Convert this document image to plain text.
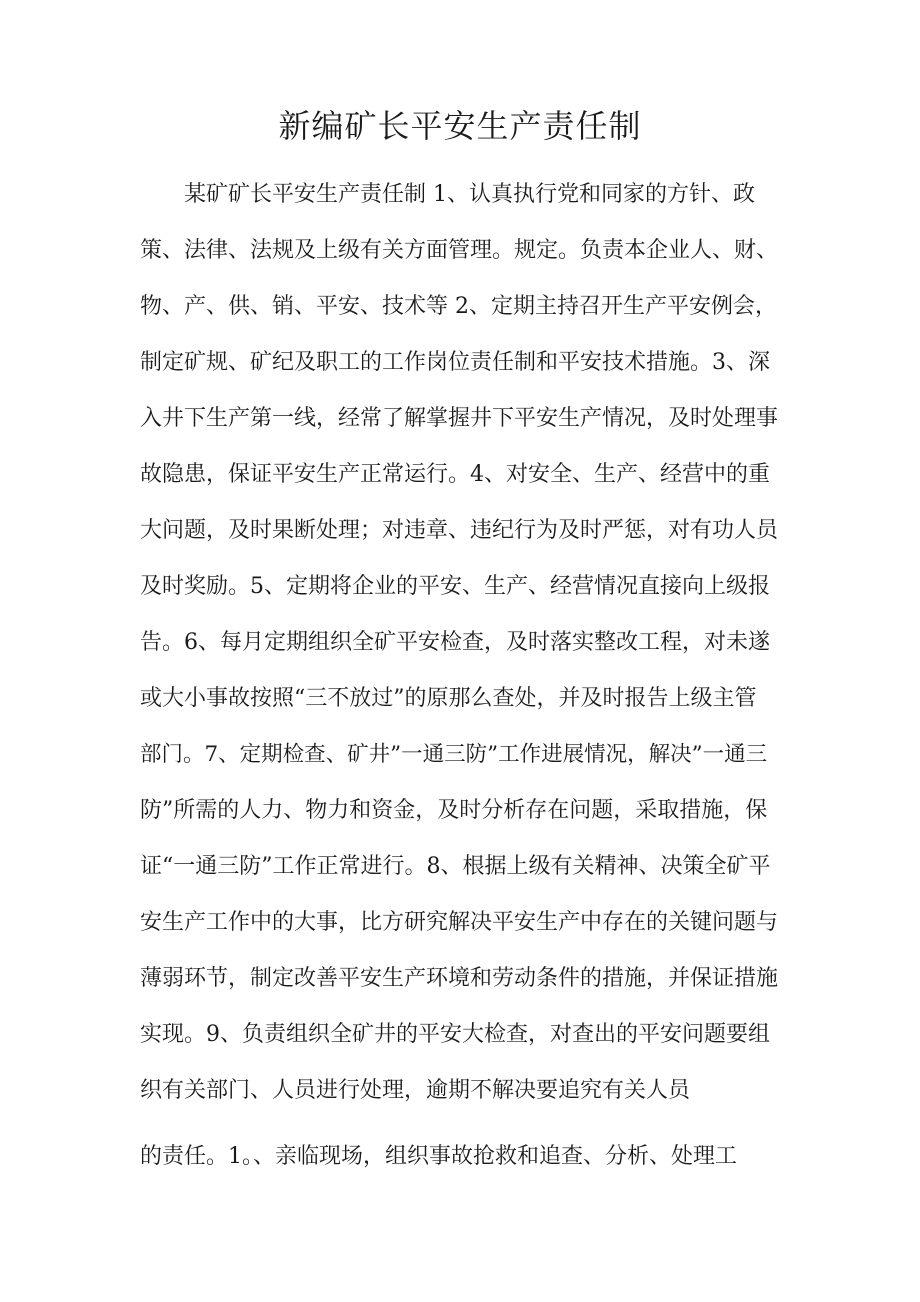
新编矿长平安生产责任制
某矿矿长平安生产责任制 1、认真执行党和同家的方针、政
策、法律、法规及上级有关方面管理。规定。负责本企业人、财、
物、产、供、销、平安、技术等 2、定期主持召开生产平安例会，
制定矿规、矿纪及职工的工作岗位责任制和平安技术措施。3、深
入井下生产第一线，经常了解掌握井下平安生产情况，及时处理事
故隐患，保证平安生产正常运行。4、对安全、生产、经营中的重
大问题，及时果断处理；对违章、违纪行为及时严惩，对有功人员
及时奖励。5、定期将企业的平安、生产、经营情况直接向上级报
告。6、每月定期组织全矿平安检查，及时落实整改工程，对未遂
或大小事故按照“三不放过”的原那么查处，并及时报告上级主管
部门。7、定期检查、矿井”一通三防”工作进展情况，解决”一通三
防”所需的人力、物力和资金，及时分析存在问题，采取措施，保
证“一通三防”工作正常进行。8、根据上级有关精神、决策全矿平
安生产工作中的大事，比方研究解决平安生产中存在的关键问题与
薄弱环节，制定改善平安生产环境和劳动条件的措施，并保证措施
实现。9、负责组织全矿井的平安大检查，对查出的平安问题要组
织有关部门、人员进行处理，逾期不解决要追究有关人员
的责任。1。、亲临现场，组织事故抢救和追查、分析、处理工
